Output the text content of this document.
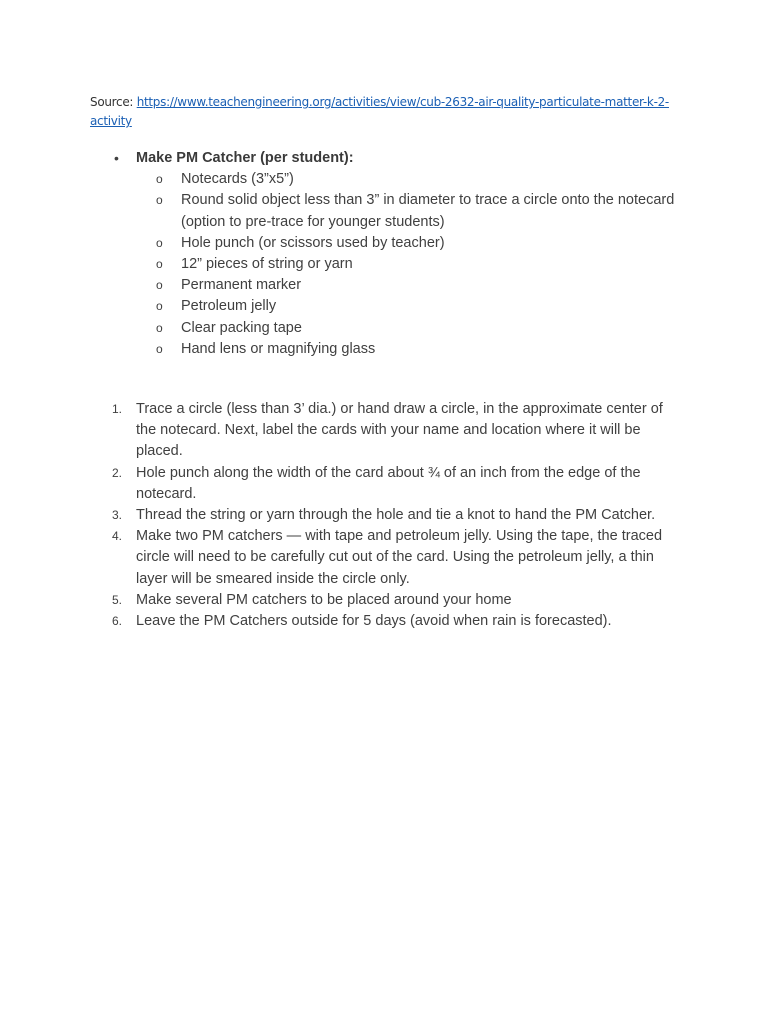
Source: https://www.teachengineering.org/activities/view/cub-2632-air-quality-particulate-matter-k-2-activity
• Make PM Catcher (per student):
o Notecards (3”x5”)
o Round solid object less than 3” in diameter to trace a circle onto the notecard (option to pre-trace for younger students)
o Hole punch (or scissors used by teacher)
o 12” pieces of string or yarn
o Permanent marker
o Petroleum jelly
o Clear packing tape
o Hand lens or magnifying glass
1. Trace a circle (less than 3’ dia.) or hand draw a circle, in the approximate center of the notecard. Next, label the cards with your name and location where it will be placed.
2. Hole punch along the width of the card about ¾ of an inch from the edge of the notecard.
3. Thread the string or yarn through the hole and tie a knot to hand the PM Catcher.
4. Make two PM catchers — with tape and petroleum jelly. Using the tape, the traced circle will need to be carefully cut out of the card. Using the petroleum jelly, a thin layer will be smeared inside the circle only.
5. Make several PM catchers to be placed around your home
6. Leave the PM Catchers outside for 5 days (avoid when rain is forecasted).
